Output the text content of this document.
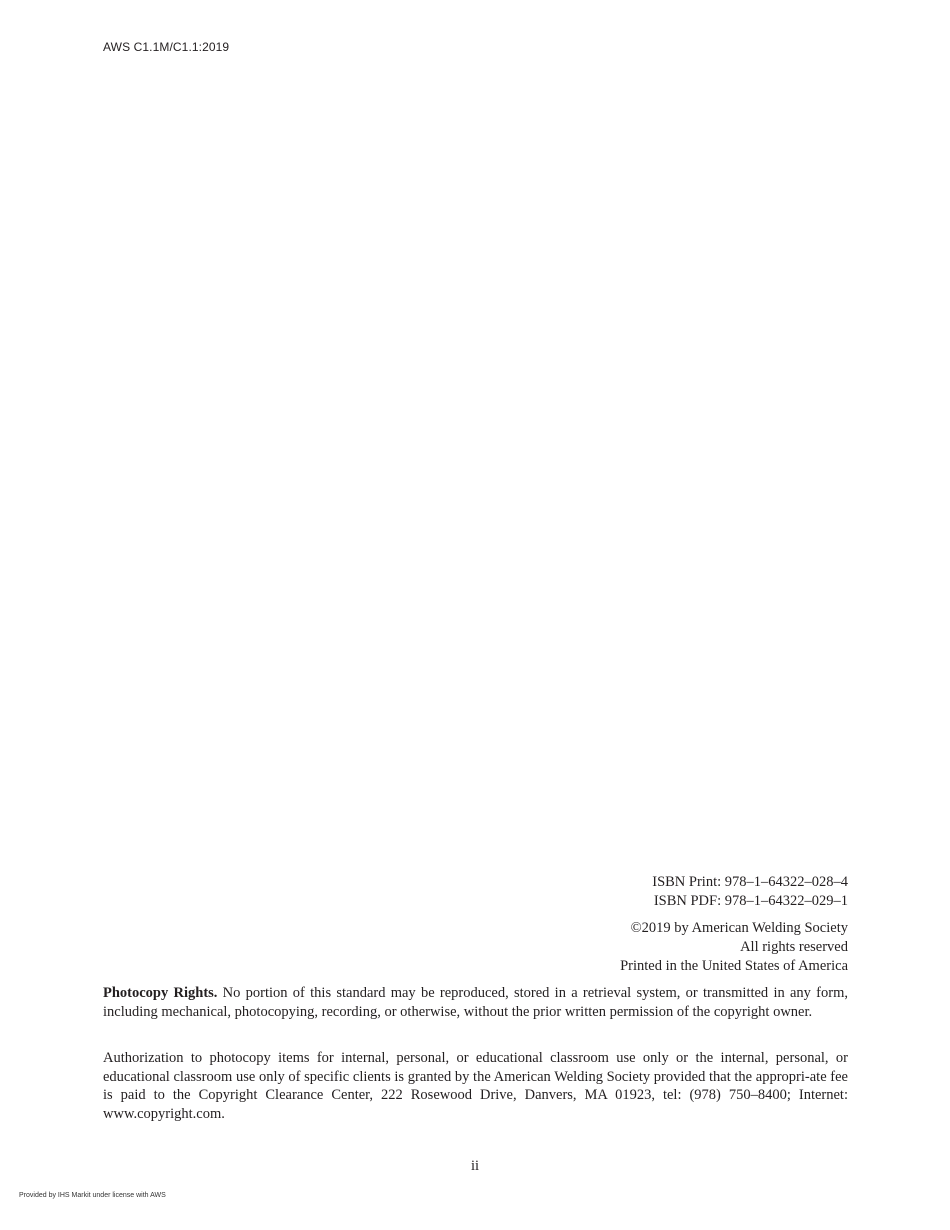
AWS C1.1M/C1.1:2019
ISBN Print: 978–1–64322–028–4
ISBN PDF: 978–1–64322–029–1
©2019 by American Welding Society
All rights reserved
Printed in the United States of America

Photocopy Rights. No portion of this standard may be reproduced, stored in a retrieval system, or transmitted in any form, including mechanical, photocopying, recording, or otherwise, without the prior written permission of the copyright owner.

Authorization to photocopy items for internal, personal, or educational classroom use only or the internal, personal, or educational classroom use only of specific clients is granted by the American Welding Society provided that the appropri-ate fee is paid to the Copyright Clearance Center, 222 Rosewood Drive, Danvers, MA 01923, tel: (978) 750–8400; Internet: www.copyright.com.

ii
Provided by IHS Markit under license with AWS
